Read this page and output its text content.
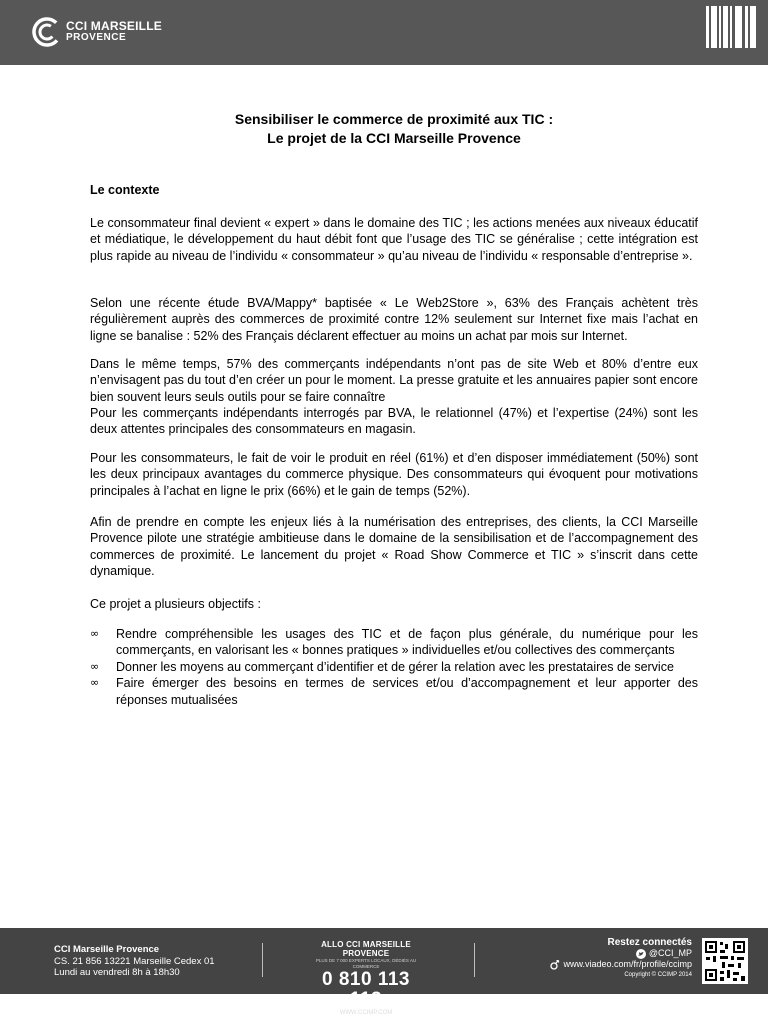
CCI MARSEILLE
PROVENCE

Sensibiliser le commerce de proximité aux TIC :

Le projet de la CCI Marseille Provence

Le contexte

Le consommateur final devient « expert » dans le domaine des TIC ; les actions menées aux niveaux éducatif et médiatique, le développement du haut débit font que l’usage des TIC se généralise ; cette intégration est plus rapide au niveau de l’individu « consommateur » qu’au niveau de l’individu « responsable d’entreprise ».

Selon une récente étude BVA/Mappy* baptisée « Le Web2Store », 63% des Français achètent très régulièrement auprès des commerces de proximité contre 12% seulement sur Internet fixe mais l’achat en ligne se banalise : 52% des Français déclarent effectuer au moins un achat par mois sur Internet.

Dans le même temps, 57% des commerçants indépendants n’ont pas de site Web et 80% d’entre eux n’envisagent pas du tout d’en créer un pour le moment. La presse gratuite et les annuaires papier sont encore bien souvent leurs seuls outils pour se faire connaître

Pour les commerçants indépendants interrogés par BVA, le relationnel (47%) et l’expertise (24%) sont les deux attentes principales des consommateurs en magasin.

Pour les consommateurs, le fait de voir le produit en réel (61%) et d’en disposer immédiatement (50%) sont les deux principaux avantages du commerce physique. Des consommateurs qui évoquent pour motivations principales à l’achat en ligne le prix (66%) et le gain de temps (52%).

Afin de prendre en compte les enjeux liés à la numérisation des entreprises, des clients, la CCI Marseille Provence pilote une stratégie ambitieuse dans le domaine de la sensibilisation et de l’accompagnement des commerces de proximité. Le lancement du projet « Road Show Commerce et TIC » s’inscrit dans cette dynamique.

Ce projet a plusieurs objectifs :

∞ Rendre compréhensible les usages des TIC et de façon plus générale, du numérique pour les commerçants, en valorisant les « bonnes pratiques » individuelles et/ou collectives des commerçants
∞ Donner les moyens au commerçant d’identifier et de gérer la relation avec les prestataires de service
∞ Faire émerger des besoins en termes de services et/ou d’accompagnement et leur apporter des réponses mutualisées
CCI Marseille Provence
CS. 21 856 13221 Marseille Cedex 01
Lundi au vendredi 8h à 18h30
ALLO CCI MARSEILLE PROVENCE
PLUS DE 7 000 EXPERTS LOCAUX, DÉDIÉS AU COMMERCE
0 810 113 113
WWW.CCIMP.COM
Restez connectés
@CCI_MP
www.viadeo.com/fr/profile/ccimp
Copyright © CCIMP 2014
